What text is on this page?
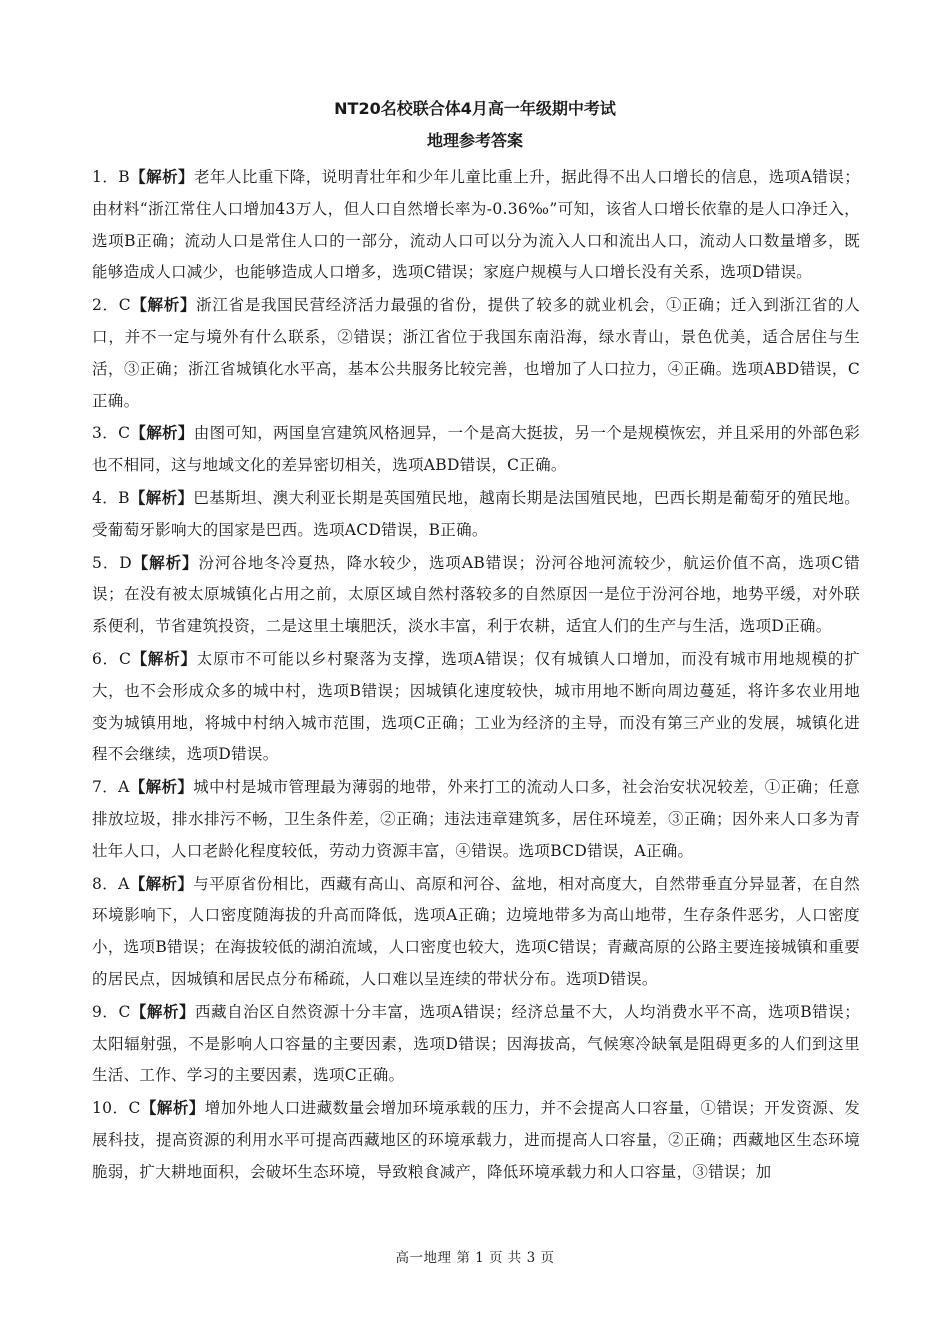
NT20名校联合体4月高一年级期中考试
地理参考答案

1．B【解析】老年人比重下降，说明青壮年和少年儿童比重上升，据此得不出人口增长的信息，选项A错误；由材料“浙江常住人口增加43万人，但人口自然增长率为-0.36‰”可知，该省人口增长依靠的是人口净迁入，选项B正确；流动人口是常住人口的一部分，流动人口可以分为流入人口和流出人口，流动人口数量增多，既能够造成人口减少，也能够造成人口增多，选项C错误；家庭户规模与人口增长没有关系，选项D错误。

2．C【解析】浙江省是我国民营经济活力最强的省份，提供了较多的就业机会，①正确；迁入到浙江省的人口，并不一定与境外有什么联系，②错误；浙江省位于我国东南沿海，绿水青山，景色优美，适合居住与生活，③正确；浙江省城镇化水平高，基本公共服务比较完善，也增加了人口拉力，④正确。选项ABD错误，C正确。

3．C【解析】由图可知，两国皇宫建筑风格迥异，一个是高大挺拔，另一个是规模恢宏，并且采用的外部色彩也不相同，这与地域文化的差异密切相关，选项ABD错误，C正确。

4．B【解析】巴基斯坦、澳大利亚长期是英国殖民地，越南长期是法国殖民地，巴西长期是葡萄牙的殖民地。受葡萄牙影响大的国家是巴西。选项ACD错误，B正确。

5．D【解析】汾河谷地冬冷夏热，降水较少，选项AB错误；汾河谷地河流较少，航运价值不高，选项C错误；在没有被太原城镇化占用之前，太原区域自然村落较多的自然原因一是位于汾河谷地，地势平缓，对外联系便利，节省建筑投资，二是这里土壤肥沃，淡水丰富，利于农耕，适宜人们的生产与生活，选项D正确。

6．C【解析】太原市不可能以乡村聚落为支撑，选项A错误；仅有城镇人口增加，而没有城市用地规模的扩大，也不会形成众多的城中村，选项B错误；因城镇化速度较快，城市用地不断向周边蔓延，将许多农业用地变为城镇用地，将城中村纳入城市范围，选项C正确；工业为经济的主导，而没有第三产业的发展，城镇化进程不会继续，选项D错误。

7．A【解析】城中村是城市管理最为薄弱的地带，外来打工的流动人口多，社会治安状况较差，①正确；任意排放垃圾，排水排污不畅，卫生条件差，②正确；违法违章建筑多，居住环境差，③正确；因外来人口多为青壮年人口，人口老龄化程度较低，劳动力资源丰富，④错误。选项BCD错误，A正确。

8．A【解析】与平原省份相比，西藏有高山、高原和河谷、盆地，相对高度大，自然带垂直分异显著，在自然环境影响下，人口密度随海拔的升高而降低，选项A正确；边境地带多为高山地带，生存条件恶劣，人口密度小，选项B错误；在海拔较低的湖泊流域，人口密度也较大，选项C错误；青藏高原的公路主要连接城镇和重要的居民点，因城镇和居民点分布稀疏，人口难以呈连续的带状分布。选项D错误。

9．C【解析】西藏自治区自然资源十分丰富，选项A错误；经济总量不大，人均消费水平不高，选项B错误；太阳辐射强，不是影响人口容量的主要因素，选项D错误；因海拔高，气候寒冷缺氧是阻碍更多的人们到这里生活、工作、学习的主要因素，选项C正确。

10．C【解析】增加外地人口进藏数量会增加环境承载的压力，并不会提高人口容量，①错误；开发资源、发展科技，提高资源的利用水平可提高西藏地区的环境承载力，进而提高人口容量，②正确；西藏地区生态环境脆弱，扩大耕地面积，会破坏生态环境，导致粮食减产，降低环境承载力和人口容量，③错误；加

高一地理 第 1 页 共 3 页
